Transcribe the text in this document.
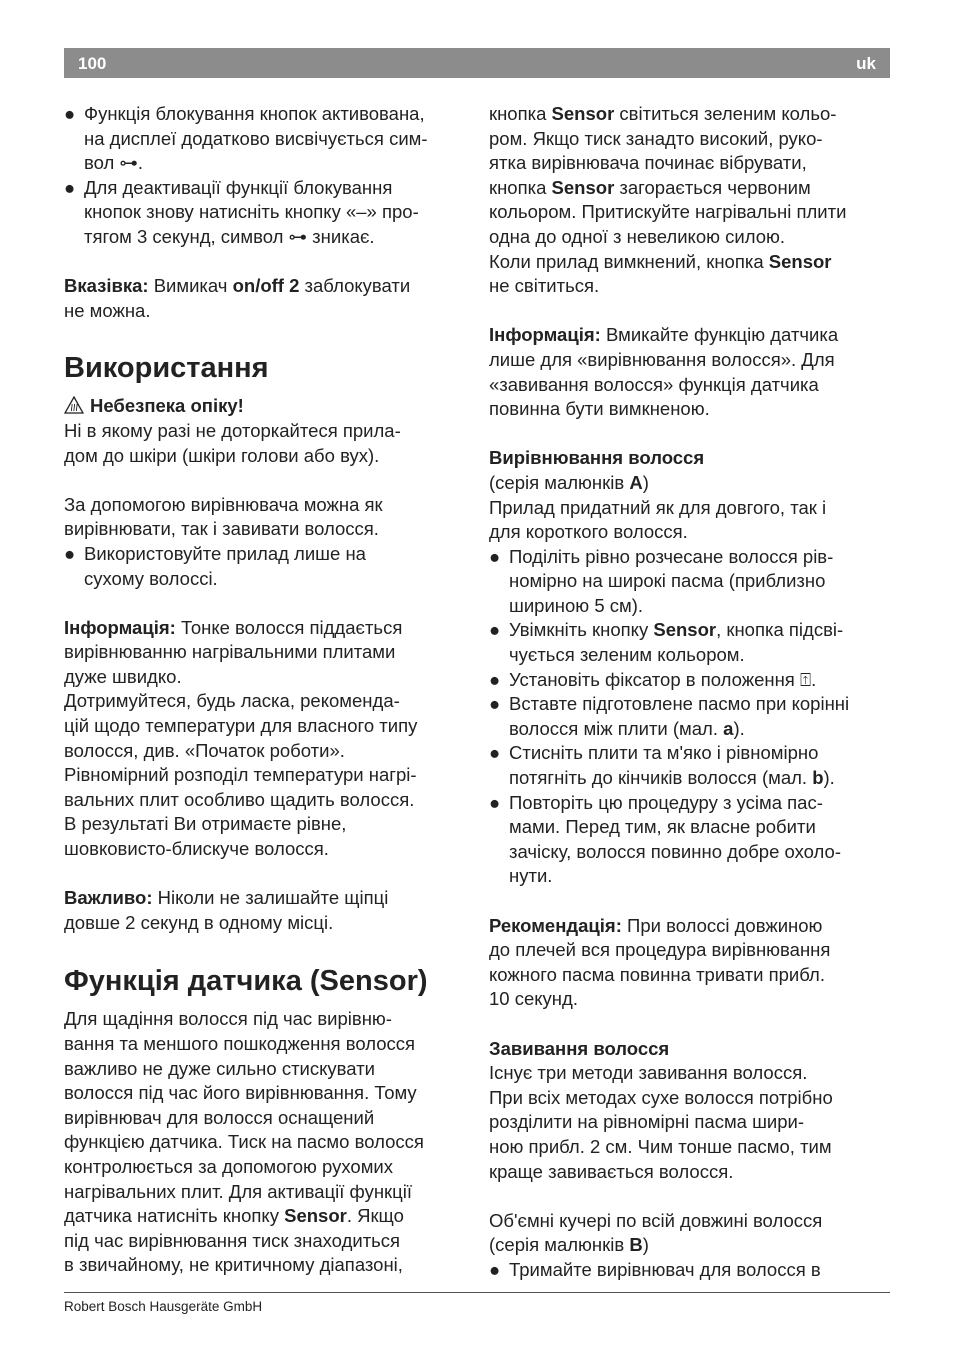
100	uk
● Функція блокування кнопок активована,

на дисплеї додатково висвічується сим-

вол ⊶.

● Для деактивації функції блокування

кнопок знову натисніть кнопку «–» про-

тягом 3 секунд, символ ⊶ зникає.

Вказівка: Вимикач on/off 2 заблокувати

не можна.

Використання

Небезпека опіку!

Ні в якому разі не доторкайтеся прила-

дом до шкіри (шкіри голови або вух).

За допомогою вирівнювача можна як

вирівнювати, так і завивати волосся.

● Використовуйте прилад лише на

сухому волоссі.

Інформація: Тонке волосся піддається

вирівнюванню нагрівальними плитами

дуже швидко.

Дотримуйтеся, будь ласка, рекоменда-

цій щодо температури для власного типу

волосся, див. «Початок роботи».

Рівномірний розподіл температури нагрі-

вальних плит особливо щадить волосся.

В результаті Ви отримаєте рівне,

шовковисто-блискуче волосся.

Важливо: Ніколи не залишайте щіпці

довше 2 секунд в одному місці.

Функція датчика (Sensor)

Для щадіння волосся під час вирівню-

вання та меншого пошкодження волосся

важливо не дуже сильно стискувати

волосся під час його вирівнювання. Тому

вирівнювач для волосся оснащений

функцією датчика. Тиск на пасмо волосся

контролюється за допомогою рухомих

нагрівальних плит. Для активації функції

датчика натисніть кнопку Sensor. Якщо

під час вирівнювання тиск знаходиться

в звичайному, не критичному діапазоні,

кнопка Sensor світиться зеленим кольо-

ром. Якщо тиск занадто високий, руко-

ятка вирівнювача починає вібрувати,

кнопка Sensor загорається червоним

кольором. Притискуйте нагрівальні плити

одна до одної з невеликою силою.

Коли прилад вимкнений, кнопка Sensor

не світиться.

Інформація: Вмикайте функцію датчика

лише для «вирівнювання волосся». Для

«завивання волосся» функція датчика

повинна бути вимкненою.

Вирівнювання волосся

(серія малюнків A)

Прилад придатний як для довгого, так і

для короткого волосся.

● Поділіть рівно розчесане волосся рів-

номірно на широкі пасма (приблизно

шириною 5 см).

● Увімкніть кнопку Sensor, кнопка підсві-

чується зеленим кольором.

● Установіть фіксатор в положення ⍐.

● Вставте підготовлене пасмо при корінні

волосся між плити (мал. a).

● Стисніть плити та м'яко і рівномірно

потягніть до кінчиків волосся (мал. b).

● Повторіть цю процедуру з усіма пас-

мами. Перед тим, як власне робити

зачіску, волосся повинно добре охоло-

нути.

Рекомендація: При волоссі довжиною

до плечей вся процедура вирівнювання

кожного пасма повинна тривати прибл.

10 секунд.

Завивання волосся

Існує три методи завивання волосся.

При всіх методах сухе волосся потрібно

розділити на рівномірні пасма шири-

ною прибл. 2 см. Чим тонше пасмо, тим

краще завивається волосся.

Об'ємні кучері по всій довжині волосся

(серія малюнків B)

● Тримайте вирівнювач для волосся в

Robert Bosch Hausgeräte GmbH
